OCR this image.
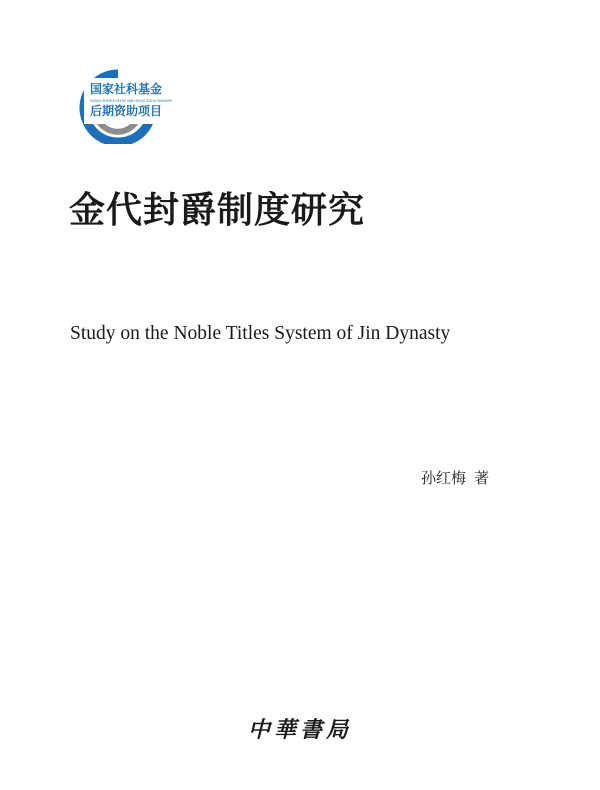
国家社科基金
GUOJIA SHEHUI KEXUE JIJIN HOUQI ZIZHU XIANGMU
后期资助项目
金代封爵制度研究
Study on the Noble Titles System of Jin Dynasty
孙红梅 著
中華書局
